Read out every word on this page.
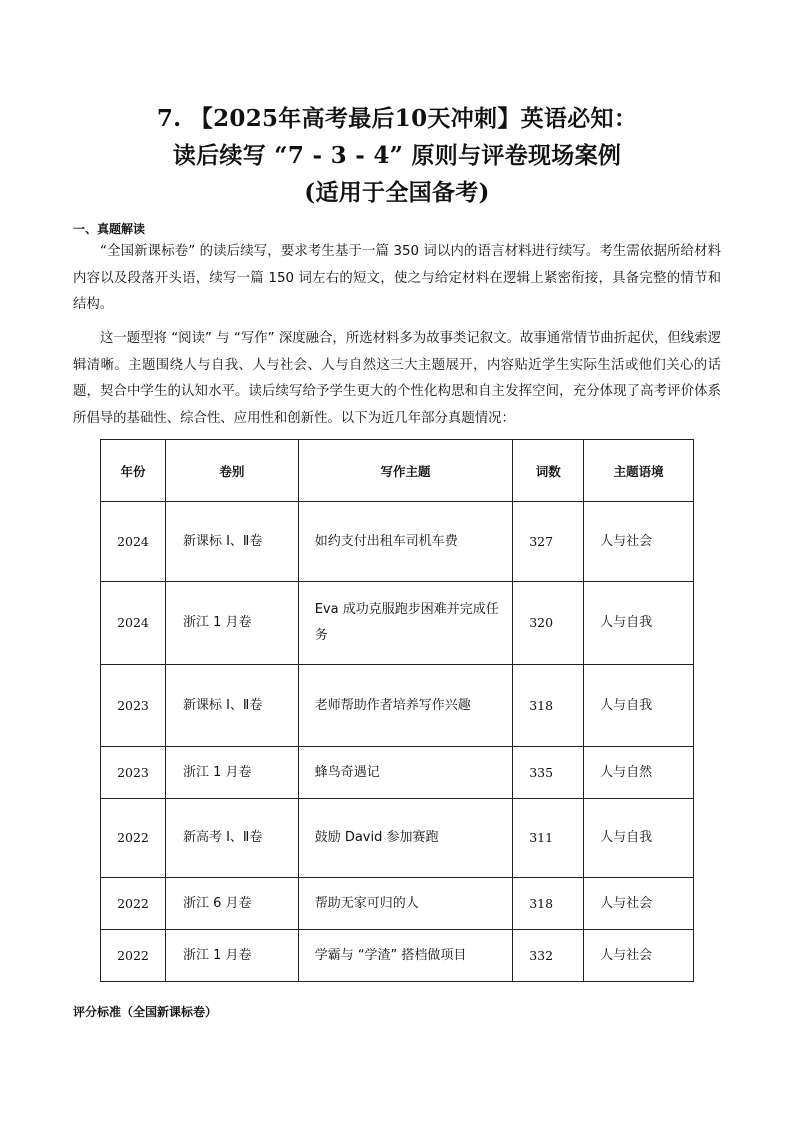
7. 【2025年高考最后10天冲刺】英语必知：
读后续写 “7 - 3 - 4” 原则与评卷现场案例
(适用于全国备考)
一、真题解读

“全国新课标卷” 的读后续写，要求考生基于一篇 350 词以内的语言材料进行续写。考生需依据所给材料内容以及段落开头语，续写一篇 150 词左右的短文，使之与给定材料在逻辑上紧密衔接，具备完整的情节和结构。

这一题型将 “阅读” 与 “写作” 深度融合，所选材料多为故事类记叙文。故事通常情节曲折起伏，但线索逻辑清晰。主题围绕人与自我、人与社会、人与自然这三大主题展开，内容贴近学生实际生活或他们关心的话题，契合中学生的认知水平。读后续写给予学生更大的个性化构思和自主发挥空间，充分体现了高考评价体系所倡导的基础性、综合性、应用性和创新性。以下为近几年部分真题情况：

年份	卷别	写作主题	词数	主题语境
2024	新课标 Ⅰ、Ⅱ卷	如约支付出租车司机车费	327	人与社会
2024	浙江 1 月卷	Eva 成功克服跑步困难并完成任务	320	人与自我
2023	新课标 Ⅰ、Ⅱ卷	老师帮助作者培养写作兴趣	318	人与自我
2023	浙江 1 月卷	蜂鸟奇遇记	335	人与自然
2022	新高考 Ⅰ、Ⅱ卷	鼓励 David 参加赛跑	311	人与自我
2022	浙江 6 月卷	帮助无家可归的人	318	人与社会
2022	浙江 1 月卷	学霸与 “学渣” 搭档做项目	332	人与社会
评分标准（全国新课标卷）
